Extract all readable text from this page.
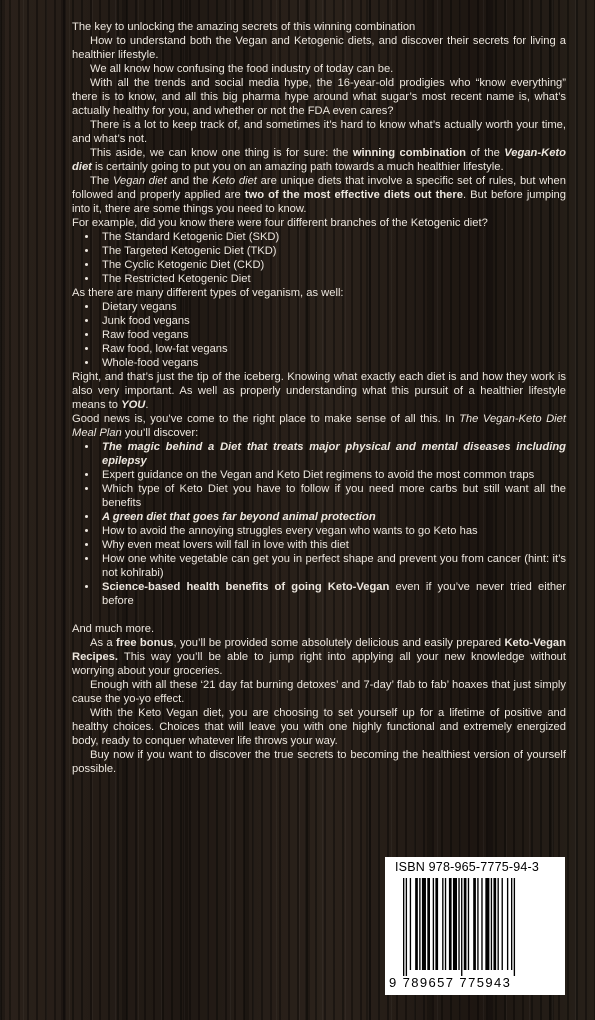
The key to unlocking the amazing secrets of this winning combination

How to understand both the Vegan and Ketogenic diets, and discover their secrets for living a healthier lifestyle.

We all know how confusing the food industry of today can be.

With all the trends and social media hype, the 16-year-old prodigies who “know everything” there is to know, and all this big pharma hype around what sugar’s most recent name is, what’s actually healthy for you, and whether or not the FDA even cares?

There is a lot to keep track of, and sometimes it’s hard to know what’s actually worth your time, and what’s not.

This aside, we can know one thing is for sure: the winning combination of the Vegan-Keto diet is certainly going to put you on an amazing path towards a much healthier lifestyle.

The Vegan diet and the Keto diet are unique diets that involve a specific set of rules, but when followed and properly applied are two of the most effective diets out there. But before jumping into it, there are some things you need to know.

For example, did you know there were four different branches of the Ketogenic diet?

• The Standard Ketogenic Diet (SKD)
• The Targeted Ketogenic Diet (TKD)
• The Cyclic Ketogenic Diet (CKD)
• The Restricted Ketogenic Diet

As there are many different types of veganism, as well:

• Dietary vegans
• Junk food vegans
• Raw food vegans
• Raw food, low-fat vegans
• Whole-food vegans

Right, and that’s just the tip of the iceberg. Knowing what exactly each diet is and how they work is also very important. As well as properly understanding what this pursuit of a healthier lifestyle means to YOU.

Good news is, you’ve come to the right place to make sense of all this. In The Vegan-Keto Diet Meal Plan you’ll discover:

• The magic behind a Diet that treats major physical and mental diseases including epilepsy
• Expert guidance on the Vegan and Keto Diet regimens to avoid the most common traps
• Which type of Keto Diet you have to follow if you need more carbs but still want all the benefits
• A green diet that goes far beyond animal protection
• How to avoid the annoying struggles every vegan who wants to go Keto has
• Why even meat lovers will fall in love with this diet
• How one white vegetable can get you in perfect shape and prevent you from cancer (hint: it’s not kohlrabi)
• Science-based health benefits of going Keto-Vegan even if you’ve never tried either before

And much more.

As a free bonus, you’ll be provided some absolutely delicious and easily prepared Keto-Vegan Recipes. This way you’ll be able to jump right into applying all your new knowledge without worrying about your groceries.

Enough with all these ‘21 day fat burning detoxes’ and 7-day’ flab to fab’ hoaxes that just simply cause the yo-yo effect.

With the Keto Vegan diet, you are choosing to set yourself up for a lifetime of positive and healthy choices. Choices that will leave you with one highly functional and extremely energized body, ready to conquer whatever life throws your way.

Buy now if you want to discover the true secrets to becoming the healthiest version of yourself possible.

ISBN 978-965-7775-94-3
9 789657 775943
